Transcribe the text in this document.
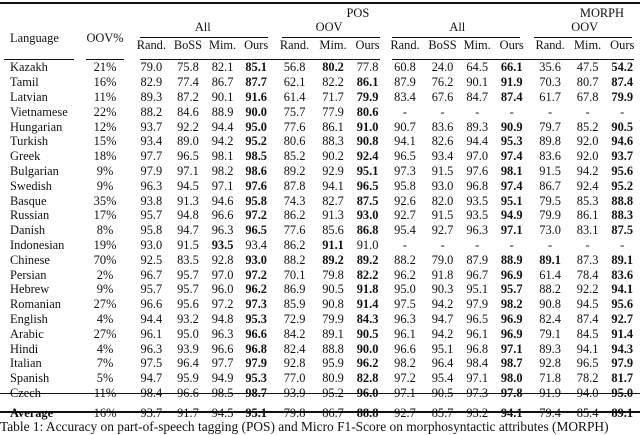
		POS							MORPH						
Language	OOV%	All				OOV			All				OOV		
		Rand.	BoSS	Mim.	Ours	Rand.	Mim.	Ours	Rand.	BoSS	Mim.	Ours	Rand.	Mim.	Ours

Kazakh	21%	79.0	75.8	82.1	85.1	56.8	80.2	77.8	60.8	24.0	64.5	66.1	35.6	47.5	54.2
Tamil	16%	82.9	77.4	86.7	87.7	62.1	82.2	86.1	87.9	76.2	90.1	91.9	70.3	80.7	87.4
Latvian	11%	89.3	87.2	90.1	91.6	61.4	71.7	79.9	83.4	67.6	84.7	87.4	61.7	67.8	79.9
Vietnamese	22%	88.2	84.6	88.9	90.0	75.7	77.9	80.6	-	-	-	-	-	-	-
Hungarian	12%	93.7	92.2	94.4	95.0	77.6	86.1	91.0	90.7	83.6	89.3	90.9	79.7	85.2	90.5
Turkish	15%	93.4	89.0	94.2	95.2	80.6	88.3	90.8	94.1	82.6	94.4	95.3	89.8	92.0	94.6
Greek	18%	97.7	96.5	98.1	98.5	85.2	90.2	92.4	96.5	93.4	97.0	97.4	83.6	92.0	93.7
Bulgarian	9%	97.9	97.1	98.2	98.6	89.2	92.9	95.1	97.3	91.5	97.6	98.1	91.5	94.2	95.6
Swedish	9%	96.3	94.5	97.1	97.6	87.8	94.1	96.5	95.8	93.0	96.8	97.4	86.7	92.4	95.2
Basque	35%	93.8	91.3	94.6	95.8	74.3	82.7	87.5	92.6	82.0	93.5	95.1	79.5	85.3	88.8
Russian	17%	95.7	94.8	96.6	97.2	86.2	91.3	93.0	92.7	91.5	93.5	94.9	79.9	86.1	88.3
Danish	8%	95.8	94.7	96.3	96.5	77.6	85.6	86.8	95.4	92.7	96.3	97.1	73.0	83.1	87.5
Indonesian	19%	93.0	91.5	93.5	93.4	86.2	91.1	91.0	-	-	-	-	-	-	-
Chinese	70%	92.5	83.5	92.8	93.0	88.2	89.2	89.2	88.2	79.0	87.9	88.9	89.1	87.3	89.1
Persian	2%	96.7	95.7	97.0	97.2	70.1	79.8	82.2	96.2	91.8	96.7	96.9	61.4	78.4	83.6
Hebrew	9%	95.7	95.7	96.0	96.2	86.9	90.5	91.8	95.0	90.3	95.1	95.7	88.2	92.2	94.1
Romanian	27%	96.6	95.6	97.2	97.3	85.9	90.8	91.4	97.5	94.2	97.9	98.2	90.8	94.5	95.6
English	4%	94.4	93.2	94.8	95.3	72.9	79.9	84.3	96.3	94.7	96.5	96.9	82.4	87.4	92.7
Arabic	27%	96.1	95.0	96.3	96.6	84.2	89.1	90.5	96.1	94.2	96.1	96.9	79.1	84.5	91.4
Hindi	4%	96.3	93.9	96.6	96.8	82.4	88.8	90.0	96.6	95.1	96.8	97.1	89.3	94.1	94.3
Italian	7%	97.5	96.4	97.7	97.9	92.8	95.9	96.2	98.2	96.4	98.4	98.7	92.8	96.5	97.9
Spanish	5%	94.7	95.9	94.9	95.3	77.0	80.9	82.8	97.2	95.4	97.1	98.0	71.8	78.2	81.7
Czech	11%	98.4	96.6	98.5	98.7	93.9	95.2	96.0	97.1	90.5	97.3	97.8	91.9	94.0	95.0

Average	16%	93.7	91.7	94.5	95.1	79.8	86.7	88.8	92.7	85.7	93.2	94.1	79.4	85.4	89.1
Table 1: Accuracy on part-of-speech tagging (POS) and Micro F1-Score on morphosyntactic attributes (MORPH)
